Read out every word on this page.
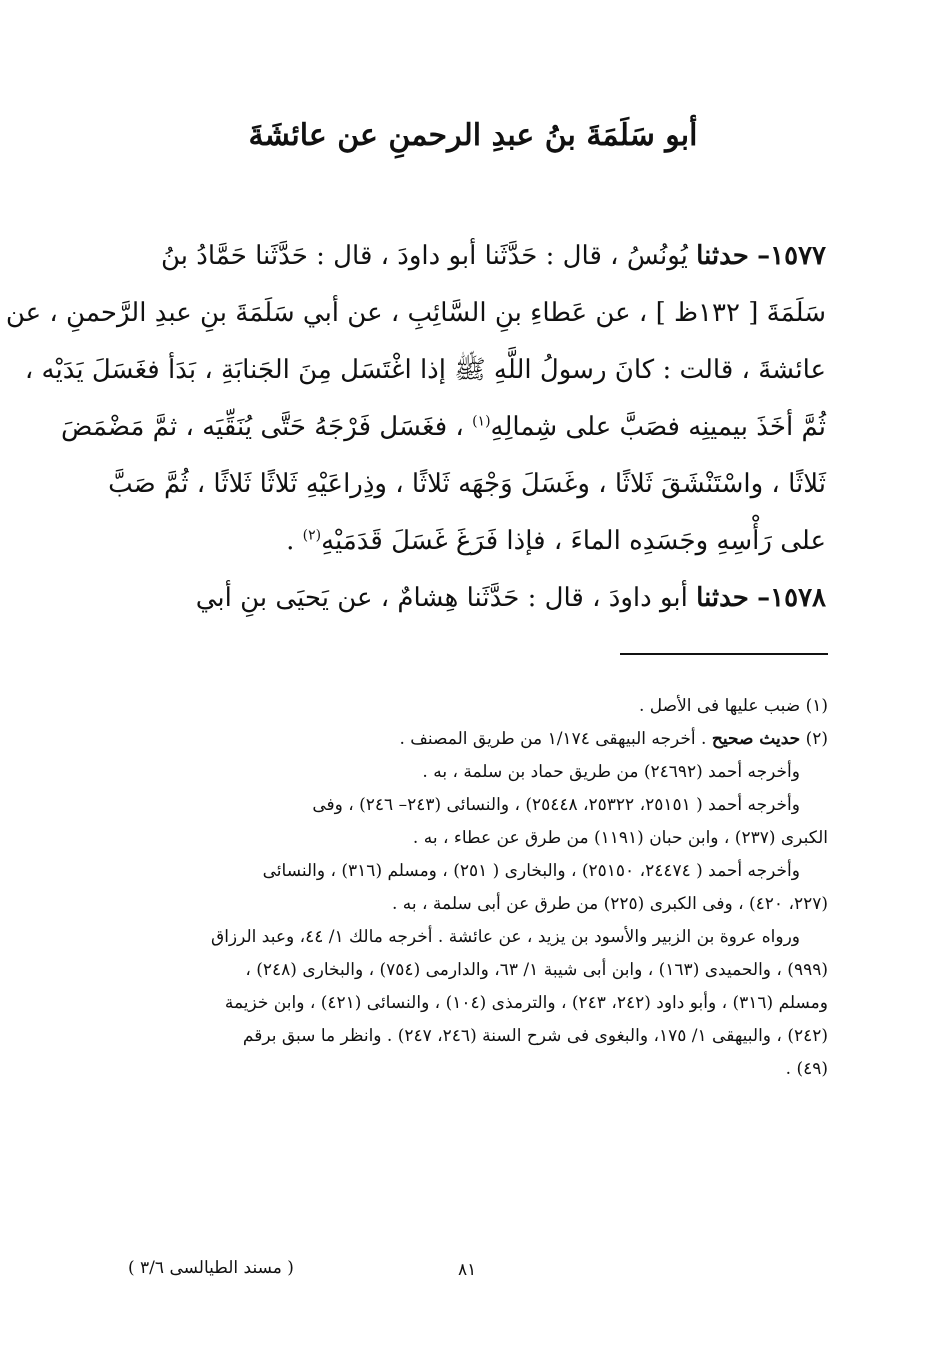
أبو سَلَمَةَ بنُ عبدِ الرحمنِ عن عائشَةَ
١٥٧٧– حدثنا يُونُسُ ، قال : حَدَّثَنا أبو داودَ ، قال : حَدَّثَنا حَمَّادُ بنُ
سَلَمَةَ [ ١٣٢ظ ] ، عن عَطاءِ بنِ السَّائِبِ ، عن أبي سَلَمَةَ بنِ عبدِ الرَّحمنِ ، عن
عائشةَ ، قالت : كانَ رسولُ اللَّهِ ﷺ إذا اغْتَسَل مِنَ الجَنابَةِ ، بَدَأ فغَسَلَ يَدَيْه ،
ثُمَّ أخَذَ بيمينِه فصَبَّ على شِمالِهِ$^{(١)}$ ، فغَسَل فَرْجَهُ حَتَّى يُنَقِّيَه ، ثمَّ مَضْمَضَ
ثَلاثًا ، واسْتَنْشَقَ ثَلاثًا ، وغَسَلَ وَجْهَه ثَلاثًا ، وذِراعَيْهِ ثَلاثًا ثَلاثًا ، ثُمَّ صَبَّ
على رَأْسِهِ وجَسَدِه الماءَ ، فإذا فَرَغَ غَسَلَ قَدَمَيْهِ$^{(٢)}$ .
١٥٧٨– حدثنا أبو داودَ ، قال : حَدَّثَنا هِشامٌ ، عن يَحيَى بنِ أبي
(١) ضبب عليها فى الأصل .
(٢) حديث صحيح . أخرجه البيهقى ١/١٧٤ من طريق المصنف .
وأخرجه أحمد (٢٤٦٩٢) من طريق حماد بن سلمة ، به .
وأخرجه أحمد ( ٢٥١٥١، ٢٥٣٢٢، ٢٥٤٤٨) ، والنسائى (٢٤٣– ٢٤٦) ، وفى
الكبرى (٢٣٧) ، وابن حبان (١١٩١) من طرق عن عطاء ، به .
وأخرجه أحمد ( ٢٤٤٧٤، ٢٥١٥٠) ، والبخارى ( ٢٥١) ، ومسلم (٣١٦) ، والنسائى
(٢٢٧، ٤٢٠) ، وفى الكبرى (٢٢٥) من طرق عن أبى سلمة ، به .
ورواه عروة بن الزبير والأسود بن يزيد ، عن عائشة . أخرجه مالك ١/ ٤٤، وعبد الرزاق
(٩٩٩) ، والحميدى (١٦٣) ، وابن أبى شيبة ١/ ٦٣، والدارمى (٧٥٤) ، والبخارى (٢٤٨) ،
ومسلم (٣١٦) ، وأبو داود (٢٤٢، ٢٤٣) ، والترمذى (١٠٤) ، والنسائى (٤٢١) ، وابن خزيمة
(٢٤٢) ، والبيهقى ١/ ١٧٥، والبغوى فى شرح السنة (٢٤٦، ٢٤٧) . وانظر ما سبق برقم
(٤٩) .
٨١
( مسند الطيالسى ٣/٦ )
